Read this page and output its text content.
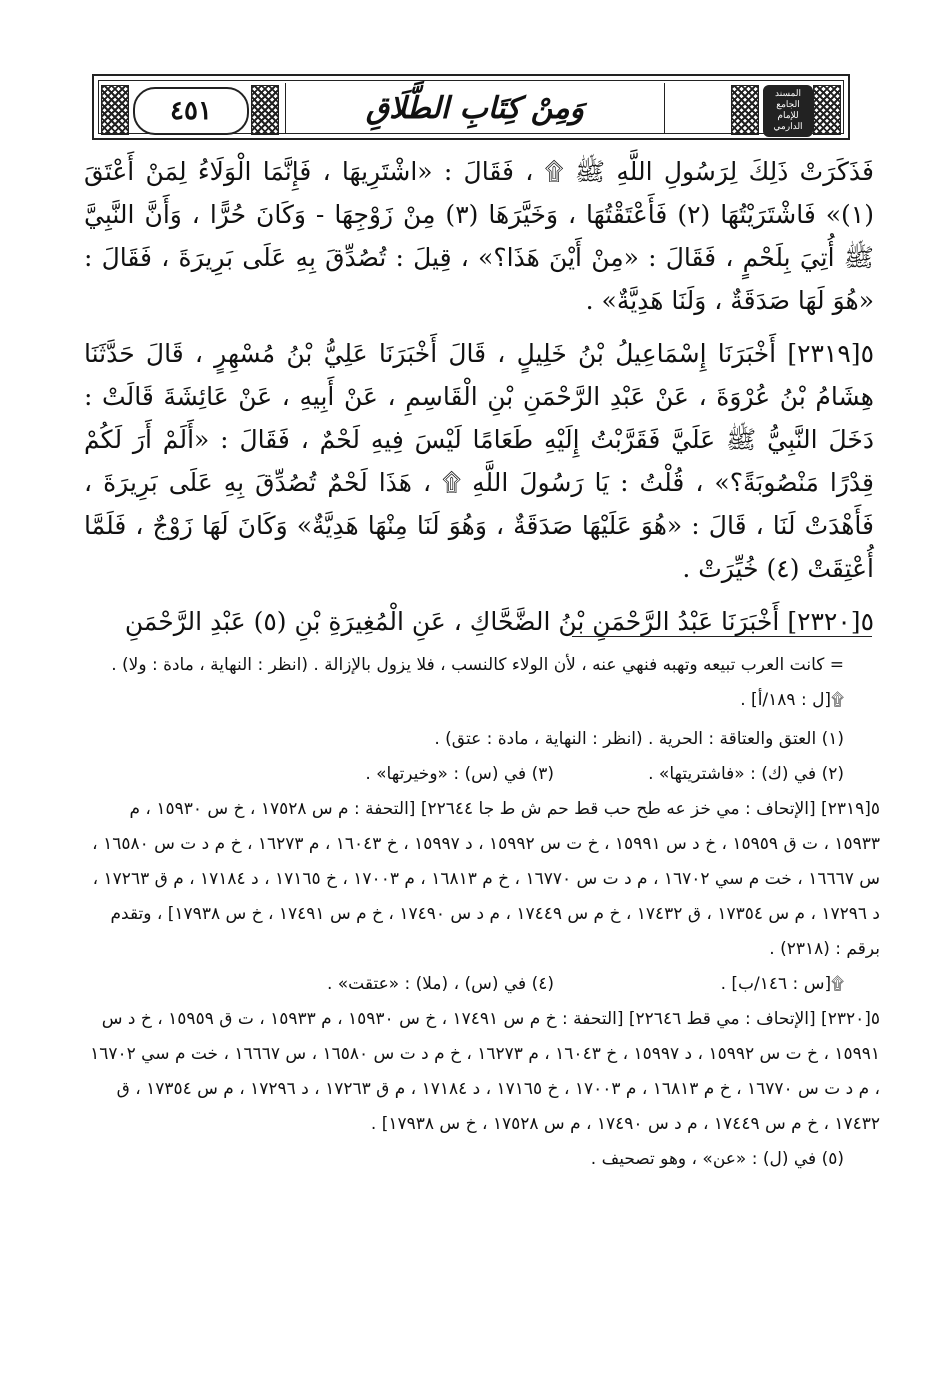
٤٥١	وَمِنْ كِتَابِ الطَّلَاقِ	المسند الجامع للإمام الدارمي

فَذَكَرَتْ ذَلِكَ لِرَسُولِ اللَّهِ ﷺ ۩ ، فَقَالَ : «اشْتَرِيهَا ، فَإِنَّمَا الْوَلَاءُ لِمَنْ أَعْتَقَ (١)» فَاشْتَرَيْتُهَا (٢) فَأَعْتَقْتُهَا ، وَخَيَّرَهَا (٣) مِنْ زَوْجِهَا - وَكَانَ حُرًّا ، وَأَنَّ النَّبِيَّ ﷺ أُتِيَ بِلَحْمٍ ، فَقَالَ : «مِنْ أَيْنَ هَذَا؟» ، قِيلَ : تُصُدِّقَ بِهِ عَلَى بَرِيرَةَ ، فَقَالَ : «هُوَ لَهَا صَدَقَةٌ ، وَلَنَا هَدِيَّةٌ» .

٥[٢٣١٩] أَخْبَرَنَا إِسْمَاعِيلُ بْنُ خَلِيلٍ ، قَالَ أَخْبَرَنَا عَلِيُّ بْنُ مُسْهِرٍ ، قَالَ حَدَّثَنَا هِشَامُ بْنُ عُرْوَةَ ، عَنْ عَبْدِ الرَّحْمَنِ بْنِ الْقَاسِمِ ، عَنْ أَبِيهِ ، عَنْ عَائِشَةَ قَالَتْ : دَخَلَ النَّبِيُّ ﷺ عَلَيَّ فَقَرَّبْتُ إِلَيْهِ طَعَامًا لَيْسَ فِيهِ لَحْمٌ ، فَقَالَ : «أَلَمْ أَرَ لَكُمْ قِدْرًا مَنْصُوبَةً؟» ، قُلْتُ : يَا رَسُولَ اللَّهِ ۩ ، هَذَا لَحْمٌ تُصُدِّقَ بِهِ عَلَى بَرِيرَةَ ، فَأَهْدَتْ لَنَا ، قَالَ : «هُوَ عَلَيْهَا صَدَقَةٌ ، وَهُوَ لَنَا مِنْهَا هَدِيَّةٌ» وَكَانَ لَهَا زَوْجٌ ، فَلَمَّا أُعْتِقَتْ (٤) خُيِّرَتْ .

٥[٢٣٢٠] أَخْبَرَنَا عَبْدُ الرَّحْمَنِ بْنُ الضَّحَّاكِ ، عَنِ الْمُغِيرَةِ بْنِ (٥) عَبْدِ الرَّحْمَنِ

= كانت العرب تبيعه وتهبه فنهي عنه ، لأن الولاء كالنسب ، فلا يزول بالإزالة . (انظر : النهاية ، مادة : ولا) .

۩[ل : ١٨٩/أ] .

(١) العتق والعتاقة : الحرية . (انظر : النهاية ، مادة : عتق) .

(٢) في (ك) : «فاشتريتها» .
(٣) في (س) : «وخيرتها» .

٥[٢٣١٩] [الإتحاف : مي خز عه طح حب قط حم ش ط جا ٢٢٦٤٤] [التحفة : م س ١٧٥٢٨ ، خ س ١٥٩٣٠ ، م ١٥٩٣٣ ، ت ق ١٥٩٥٩ ، خ د س ١٥٩٩١ ، خ ت س ١٥٩٩٢ ، د ١٥٩٩٧ ، خ ١٦٠٤٣ ، م ١٦٢٧٣ ، خ م د ت س ١٦٥٨٠ ، س ١٦٦٦٧ ، خت م سي ١٦٧٠٢ ، م د ت س ١٦٧٧٠ ، خ م ١٦٨١٣ ، م ١٧٠٠٣ ، خ ١٧١٦٥ ، د ١٧١٨٤ ، م ق ١٧٢٦٣ ، د ١٧٢٩٦ ، م س ١٧٣٥٤ ، ق ١٧٤٣٢ ، خ م س ١٧٤٤٩ ، م د س ١٧٤٩٠ ، خ م س ١٧٤٩١ ، خ س ١٧٩٣٨] ، وتقدم برقم : (٢٣١٨) .

۩[س : ١٤٦/ب] .
(٤) في (س) ، (ملا) : «عتقت» .

٥[٢٣٢٠] [الإتحاف : مي قط ٢٢٦٤٦] [التحفة : خ م س ١٧٤٩١ ، خ س ١٥٩٣٠ ، م ١٥٩٣٣ ، ت ق ١٥٩٥٩ ، خ د س ١٥٩٩١ ، خ ت س ١٥٩٩٢ ، د ١٥٩٩٧ ، خ ١٦٠٤٣ ، م ١٦٢٧٣ ، خ م د ت س ١٦٥٨٠ ، س ١٦٦٦٧ ، خت م سي ١٦٧٠٢ ، م د ت س ١٦٧٧٠ ، خ م ١٦٨١٣ ، م ١٧٠٠٣ ، خ ١٧١٦٥ ، د ١٧١٨٤ ، م ق ١٧٢٦٣ ، د ١٧٢٩٦ ، م س ١٧٣٥٤ ، ق ١٧٤٣٢ ، خ م س ١٧٤٤٩ ، م د س ١٧٤٩٠ ، م س ١٧٥٢٨ ، خ س ١٧٩٣٨] .

(٥) في (ل) : «عن» ، وهو تصحيف .
